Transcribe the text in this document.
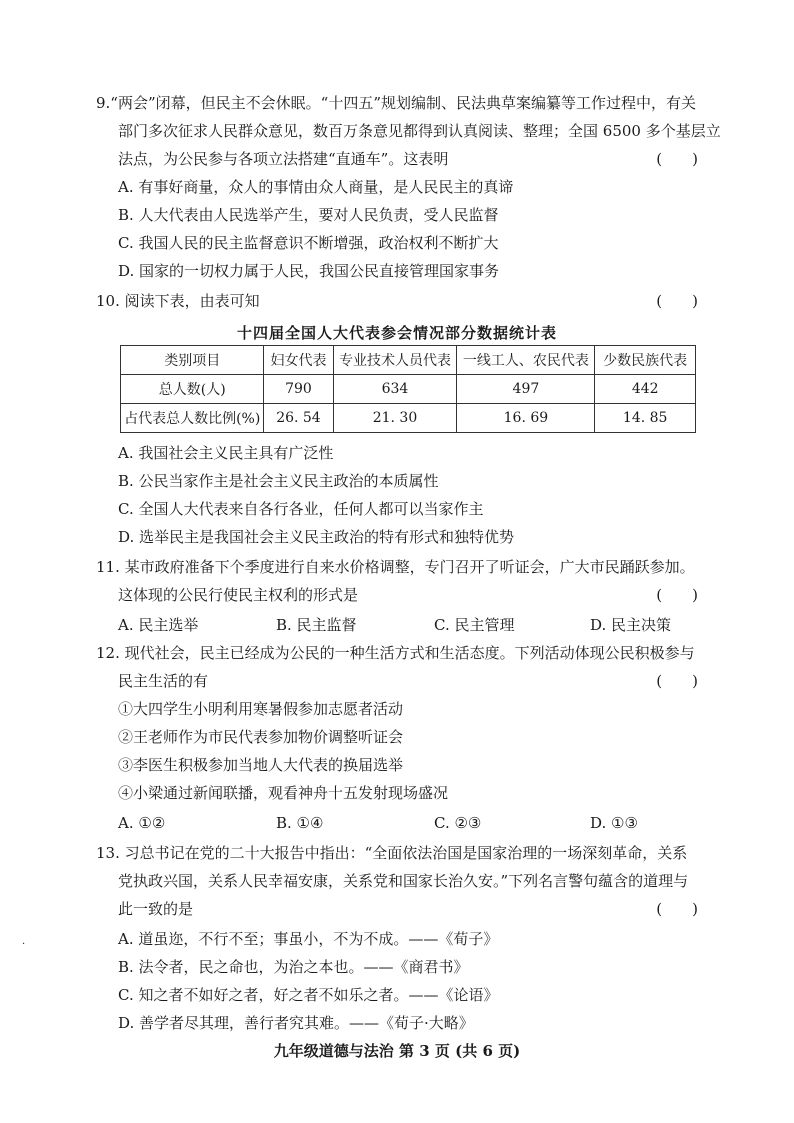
9.“两会”闭幕，但民主不会休眠。“十四五”规划编制、民法典草案编纂等工作过程中，有关
部门多次征求人民群众意见，数百万条意见都得到认真阅读、整理；全国 6500 多个基层立
法点，为公民参与各项立法搭建“直通车”。这表明	(　　)
A. 有事好商量，众人的事情由众人商量，是人民民主的真谛
B. 人大代表由人民选举产生，要对人民负责，受人民监督
C. 我国人民的民主监督意识不断增强，政治权利不断扩大
D. 国家的一切权力属于人民，我国公民直接管理国家事务
10. 阅读下表，由表可知	(　　)
十四届全国人大代表参会情况部分数据统计表
类别项目	妇女代表	专业技术人员代表	一线工人、农民代表	少数民族代表
总人数(人)	790	634	497	442
占代表总人数比例(%)	26. 54	21. 30	16. 69	14. 85
A. 我国社会主义民主具有广泛性
B. 公民当家作主是社会主义民主政治的本质属性
C. 全国人大代表来自各行各业，任何人都可以当家作主
D. 选举民主是我国社会主义民主政治的特有形式和独特优势
11. 某市政府准备下个季度进行自来水价格调整，专门召开了听证会，广大市民踊跃参加。
这体现的公民行使民主权利的形式是	(　　)
A. 民主选举	B. 民主监督	C. 民主管理	D. 民主决策
12. 现代社会，民主已经成为公民的一种生活方式和生活态度。下列活动体现公民积极参与
民主生活的有	(　　)
①大四学生小明利用寒暑假参加志愿者活动
②王老师作为市民代表参加物价调整听证会
③李医生积极参加当地人大代表的换届选举
④小梁通过新闻联播，观看神舟十五发射现场盛况
A. ①②	B. ①④	C. ②③	D. ①③
13. 习总书记在党的二十大报告中指出：“全面依法治国是国家治理的一场深刻革命，关系
党执政兴国，关系人民幸福安康，关系党和国家长治久安。”下列名言警句蕴含的道理与
此一致的是	(　　)
.	A. 道虽迩，不行不至；事虽小，不为不成。——《荀子》
B. 法令者，民之命也，为治之本也。——《商君书》
C. 知之者不如好之者，好之者不如乐之者。——《论语》
D. 善学者尽其理，善行者究其难。——《荀子·大略》
九年级道德与法治 第 3 页 (共 6 页)
